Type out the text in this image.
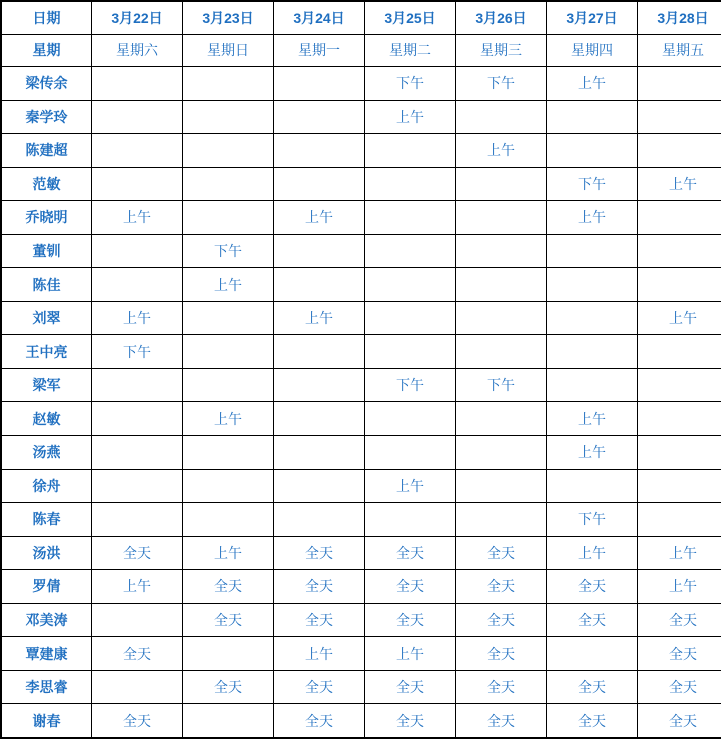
日期	3月22日	3月23日	3月24日	3月25日	3月26日	3月27日	3月28日
星期	星期六	星期日	星期一	星期二	星期三	星期四	星期五
梁传余				下午	下午	上午	
秦学玲				上午			
陈建超					上午		
范敏						下午	上午
乔晓明	上午		上午			上午	
董钏		下午					
陈佳		上午					
刘翠	上午		上午				上午
王中亮	下午						
梁军				下午	下午		
赵敏		上午				上午	
汤燕						上午	
徐舟				上午			
陈春						下午	
汤洪	全天	上午	全天	全天	全天	上午	上午
罗倩	上午	全天	全天	全天	全天	全天	上午
邓美涛		全天	全天	全天	全天	全天	全天
覃建康	全天		上午	上午	全天		全天
李思睿		全天	全天	全天	全天	全天	全天
谢春	全天		全天	全天	全天	全天	全天
